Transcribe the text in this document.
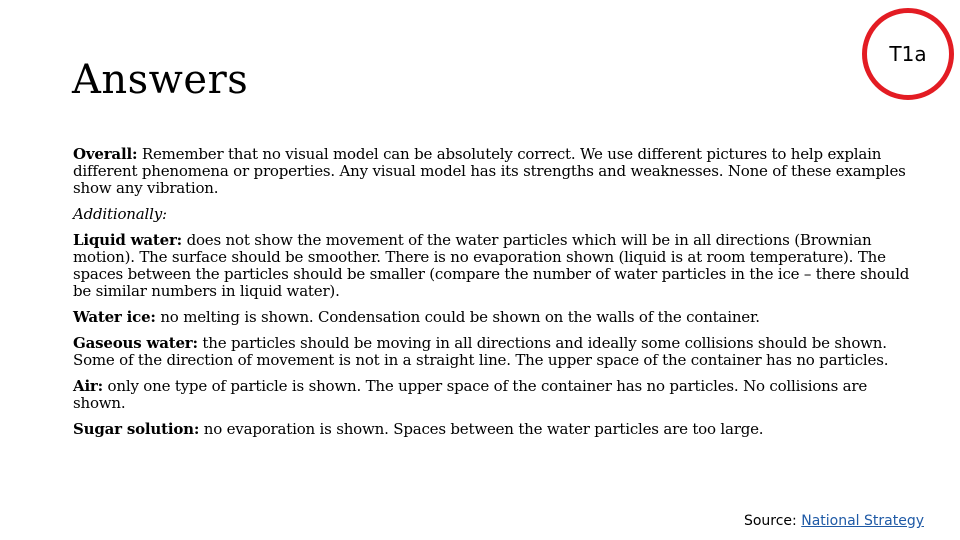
Answers
T1a

Overall: Remember that no visual model can be absolutely correct. We use different pictures to help explain different phenomena or properties. Any visual model has its strengths and weaknesses. None of these examples show any vibration.

Additionally:

Liquid water: does not show the movement of the water particles which will be in all directions (Brownian motion). The surface should be smoother. There is no evaporation shown (liquid is at room temperature). The spaces between the particles should be smaller (compare the number of water particles in the ice – there should be similar numbers in liquid water).

Water ice: no melting is shown. Condensation could be shown on the walls of the container.

Gaseous water: the particles should be moving in all directions and ideally some collisions should be shown. Some of the direction of movement is not in a straight line. The upper space of the container has no particles.

Air: only one type of particle is shown. The upper space of the container has no particles. No collisions are shown.

Sugar solution: no evaporation is shown. Spaces between the water particles are too large.

Source: National Strategy
